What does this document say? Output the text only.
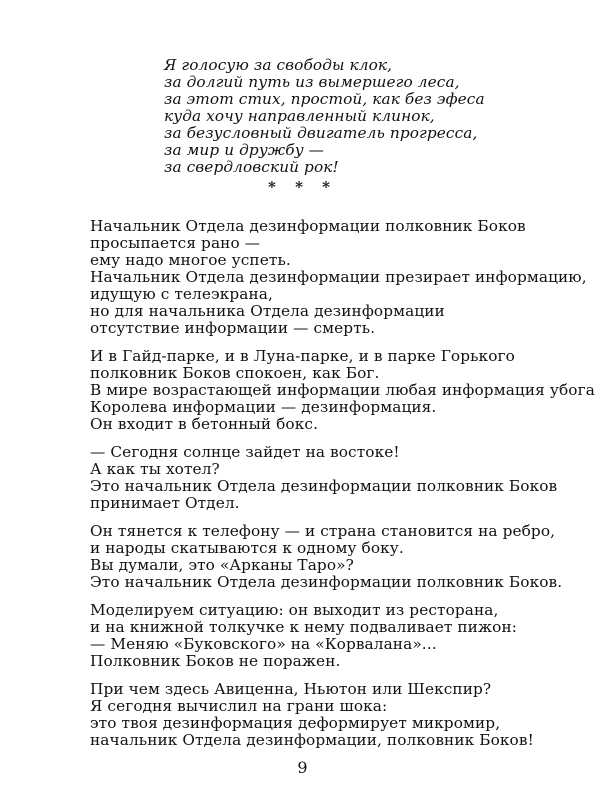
Я голосую за свободы клок,
за долгий путь из вымершего леса,
за этот стих, простой, как без эфеса
куда хочу направленный клинок,
за безусловный двигатель прогресса,
за мир и дружбу —
за свердловский рок!
* * *
Начальник Отдела дезинформации полковник Боков
просыпается рано —
ему надо многое успеть.
Начальник Отдела дезинформации презирает информацию,
идущую с телеэкрана,
но для начальника Отдела дезинформации
отсутствие информации — смерть.
И в Гайд-парке, и в Луна-парке, и в парке Горького
полковник Боков спокоен, как Бог.
В мире возрастающей информации любая информация убога
Королева информации — дезинформация.
Он входит в бетонный бокс.
— Сегодня солнце зайдет на востоке!
А как ты хотел?
Это начальник Отдела дезинформации полковник Боков
принимает Отдел.
Он тянется к телефону — и страна становится на ребро,
и народы скатываются к одному боку.
Вы думали, это «Арканы Таро»?
Это начальник Отдела дезинформации полковник Боков.
Моделируем ситуацию: он выходит из ресторана,
и на книжной толкучке к нему подваливает пижон:
— Меняю «Буковского» на «Корвалана»...
Полковник Боков не поражен.
При чем здесь Авиценна, Ньютон или Шекспир?
Я сегодня вычислил на грани шока:
это твоя дезинформация деформирует микромир,
начальник Отдела дезинформации, полковник Боков!
9
